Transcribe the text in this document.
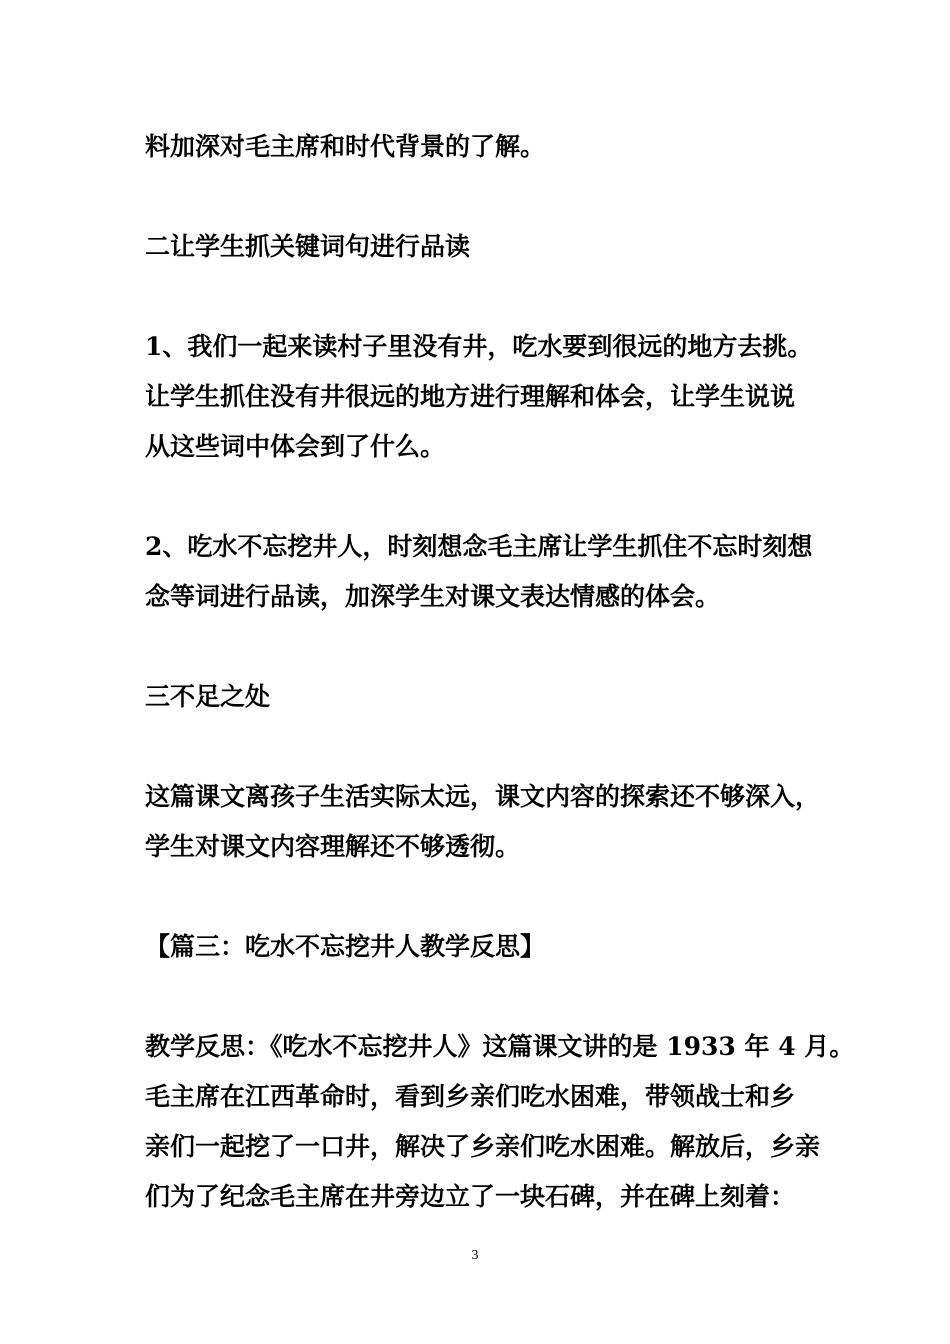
料加深对毛主席和时代背景的了解。
二让学生抓关键词句进行品读
1、我们一起来读村子里没有井，吃水要到很远的地方去挑。
让学生抓住没有井很远的地方进行理解和体会，让学生说说
从这些词中体会到了什么。
2、吃水不忘挖井人，时刻想念毛主席让学生抓住不忘时刻想
念等词进行品读，加深学生对课文表达情感的体会。
三不足之处
这篇课文离孩子生活实际太远，课文内容的探索还不够深入，
学生对课文内容理解还不够透彻。
【篇三：吃水不忘挖井人教学反思】
教学反思：《吃水不忘挖井人》这篇课文讲的是 1933 年 4 月。
毛主席在江西革命时，看到乡亲们吃水困难，带领战士和乡
亲们一起挖了一口井，解决了乡亲们吃水困难。解放后，乡亲
们为了纪念毛主席在井旁边立了一块石碑，并在碑上刻着：
3
